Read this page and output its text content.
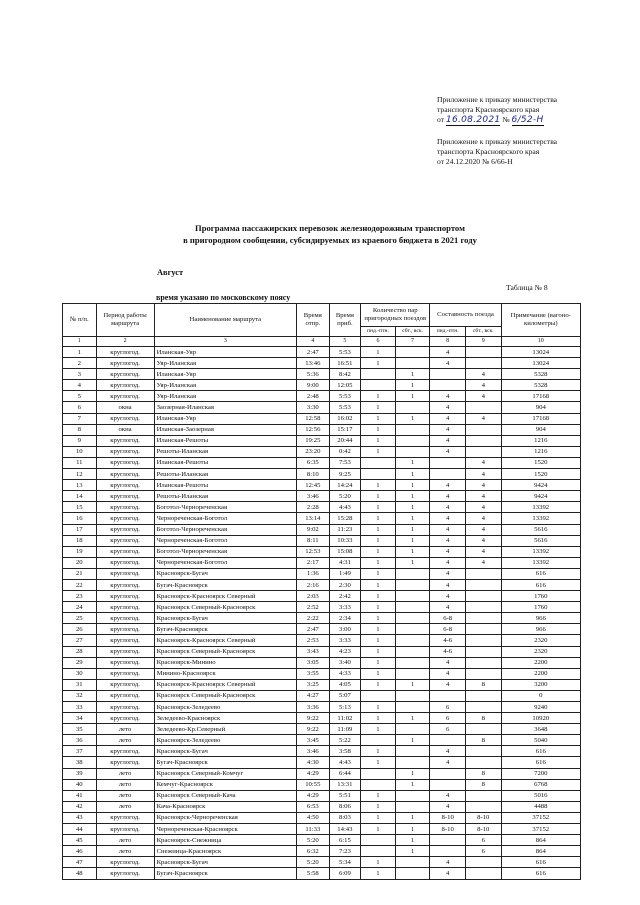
Приложение к приказу министерства
транспорта Красноярского края
от 16.08.2021 № 6/52-Н
Приложение к приказу министерства
транспорта Красноярского края
от 24.12.2020 № 6/66-Н
Программа пассажирских перевозок железнодорожным транспортом
в пригородном сообщении, субсидируемых из краевого бюджета в 2021 году
Август
Таблица № 8
время указано по московскому поясу
№ п/п.	Период работы маршрута	Наименование маршрута	Время отпр.	Время приб.	Количество пар пригородных поездов		Составность поезда		Примечание (вагоно-километры)
					пнд.-птн.	сбт., вск.	пнд.-птн.	сбт., вск.	
1	2	3	4	5	6	7	8	9	10
1	круглогод.	Иланская-Уяр	2:47	5:53	1		4		13024
2	круглогод.	Уяр-Иланская	13:46	16:51	1		4		13024
3	круглогод.	Иланская-Уяр	5:36	8:42		1		4	5328
4	круглогод.	Уяр-Иланская	9:00	12:05		1		4	5328
5	круглогод.	Уяр-Иланская	2:48	5:53	1	1	4	4	17168
6	окна	Заозерная-Иланская	3:30	5:53	1		4		904
7	круглогод.	Иланская-Уяр	12:58	16:02	1	1	4	4	17168
8	окна	Иланская-Заозерная	12:56	15:17	1		4		904
9	круглогод.	Иланская-Решоты	19:25	20:44	1		4		1216
10	круглогод.	Решоты-Иланская	23:20	0:42	1		4		1216
11	круглогод.	Иланская-Решоты	6:35	7:53		1		4	1520
12	круглогод.	Решоты-Иланская	8:10	9:25		1		4	1520
13	круглогод.	Иланская-Решоты	12:45	14:24	1	1	4	4	9424
14	круглогод.	Решоты-Иланская	3:46	5:20	1	1	4	4	9424
15	круглогод.	Боготол-Чернореченская	2:28	4:43	1	1	4	4	13392
16	круглогод.	Чернореченская-Боготол	13:14	15:28	1	1	4	4	13392
17	круглогод.	Боготол-Чернореченская	9:02	11:23	1	1	4	4	5616
18	круглогод.	Чернореченская-Боготол	8:11	10:33	1	1	4	4	5616
19	круглогод.	Боготол-Чернореченская	12:53	15:08	1	1	4	4	13392
20	круглогод.	Чернореченская-Боготол	2:17	4:31	1	1	4	4	13392
21	круглогод.	Красноярск-Бугач	1:36	1:49	1		4		616
22	круглогод.	Бугач-Красноярск	2:16	2:30	1		4		616
23	круглогод.	Красноярск-Красноярск Северный	2:03	2:42	1		4		1760
24	круглогод.	Красноярск Северный-Красноярск	2:52	3:33	1		4		1760
25	круглогод.	Красноярск-Бугач	2:22	2:34	1		6-8		966
26	круглогод.	Бугач-Красноярск	2:47	3:00	1		6-8		966
27	круглогод.	Красноярск-Красноярск Северный	2:53	3:33	1		4-6		2320
28	круглогод.	Красноярск Северный-Красноярск	3:43	4:23	1		4-6		2320
29	круглогод.	Красноярск-Минино	3:05	3:40	1		4		2200
30	круглогод.	Минино-Красноярск	3:55	4:33	1		4		2200
31	круглогод.	Красноярск-Красноярск Северный	3:25	4:05	1	1	4	8	3200
32	круглогод.	Красноярск Северный-Красноярск	4:27	5:07					0
33	круглогод.	Красноярск-Зеледеево	3:36	5:13	1		6		9240
34	круглогод.	Зеледеево-Красноярск	9:22	11:02	1	1	6	8	10920
35	лето	Зеледеево-Кр.Северный	9:22	11:09	1		6		3648
36	лето	Красноярск-Зеледеево	3:45	5:22		1		8	5040
37	круглогод.	Красноярск-Бугач	3:46	3:58	1		4		616
38	круглогод.	Бугач-Красноярск	4:30	4:43	1		4		616
39	лето	Красноярск Северный-Комчуг	4:29	6:44		1		8	7200
40	лето	Кемчуг-Красноярск	10:55	13:31		1		8	6768
41	лето	Красноярск Северный-Кача	4:29	5:51	1		4		5016
42	лето	Кача-Красноярск	6:53	8:06	1		4		4488
43	круглогод.	Красноярск-Чернореченская	4:50	8:03	1	1	8-10	8-10	37152
44	круглогод.	Чернореченская-Красноярск	11:33	14:43	1	1	8-10	8-10	37152
45	лето	Красноярск-Снежница	5:20	6:15		1		6	864
46	лето	Снежница-Красноярск	6:32	7:23		1		6	864
47	круглогод.	Красноярск-Бугач	5:20	5:34	1		4		616
48	круглогод.	Бугач-Красноярск	5:58	6:09	1		4		616
